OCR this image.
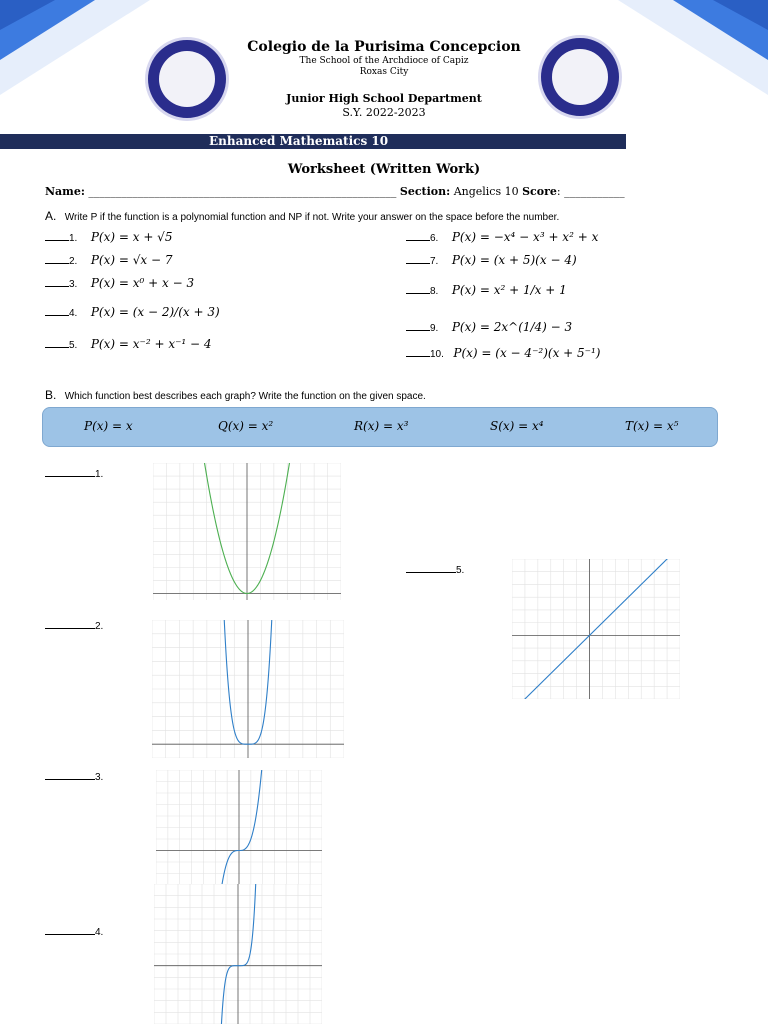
Colegio de la Purisima Concepcion
The School of the Archdioce of Capiz
Roxas City
Junior High School Department
S.Y. 2022-2023
Enhanced Mathematics 10
Worksheet (Written Work)
Name: ________________________________________________________ Section: Angelics 10 Score: ___________
A. Write P if the function is a polynomial function and NP if not. Write your answer on the space before the number.
1. P(x) = x + √5
2. P(x) = √x − 7
3. P(x) = x⁰ + x − 3
4. P(x) = (x − 2)/(x + 3)
5. P(x) = x⁻² + x⁻¹ − 4
6. P(x) = −x⁴ − x³ + x² + x
7. P(x) = (x + 5)(x − 4)
8. P(x) = x² + 1/x + 1
9. P(x) = 2x^(1/4) − 3
10. P(x) = (x − 4⁻²)(x + 5⁻¹)
B. Which function best describes each graph? Write the function on the given space.
P(x) = x	Q(x) = x²	R(x) = x³	S(x) = x⁴	T(x) = x⁵
1.
2.
3.
4.
5.
